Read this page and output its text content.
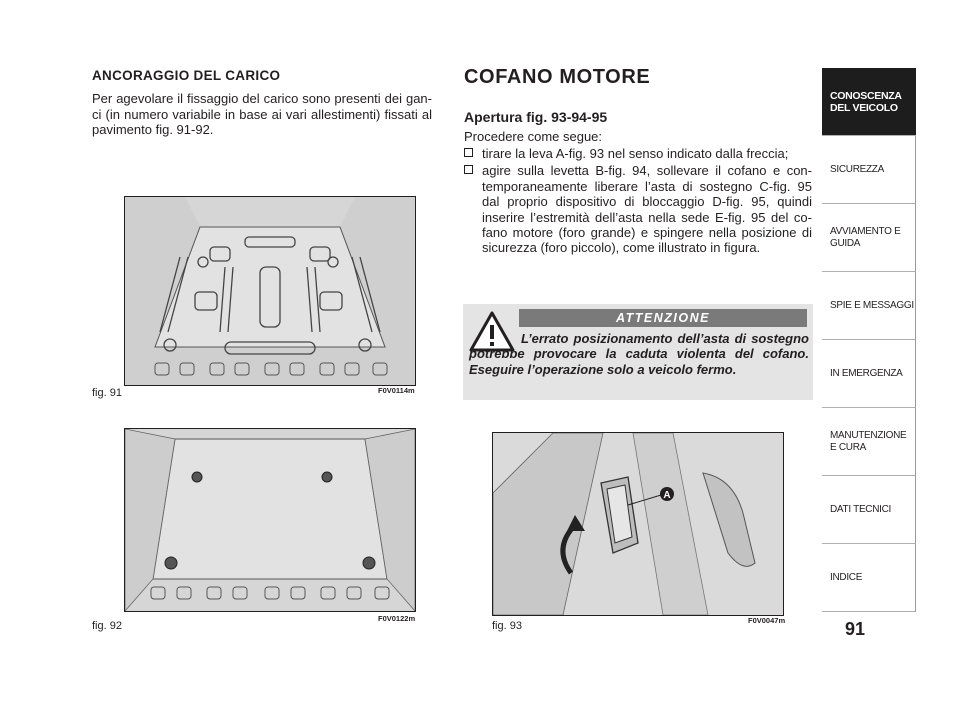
ANCORAGGIO DEL CARICO
Per agevolare il fissaggio del carico sono presenti dei ganci (in numero variabile in base ai vari allestimenti) fissati al pavimento fig. 91-92.
fig. 91	F0V0114m
fig. 92
F0V0122m
COFANO MOTORE
Apertura fig. 93-94-95
Procedere come segue:
tirare la leva A-fig. 93 nel senso indicato dalla freccia;
agire sulla levetta B-fig. 94, sollevare il cofano e contemporaneamente liberare l’asta di sostegno C-fig. 95 dal proprio dispositivo di bloccaggio D-fig. 95, quindi inserire l’estremità dell’asta nella sede E-fig. 95 del cofano motore (foro grande) e spingere nella posizione di sicurezza (foro piccolo), come illustrato in figura.
ATTENZIONE
L’errato posizionamento dell’asta di sostegno potrebbe provocare la caduta violenta del cofano. Eseguire l’operazione solo a veicolo fermo.
A
fig. 93	F0V0047m
CONOSCENZA DEL VEICOLO
SICUREZZA
AVVIAMENTO E GUIDA
SPIE E MESSAGGI
IN EMERGENZA
MANUTENZIONE E CURA
DATI TECNICI
INDICE
91
